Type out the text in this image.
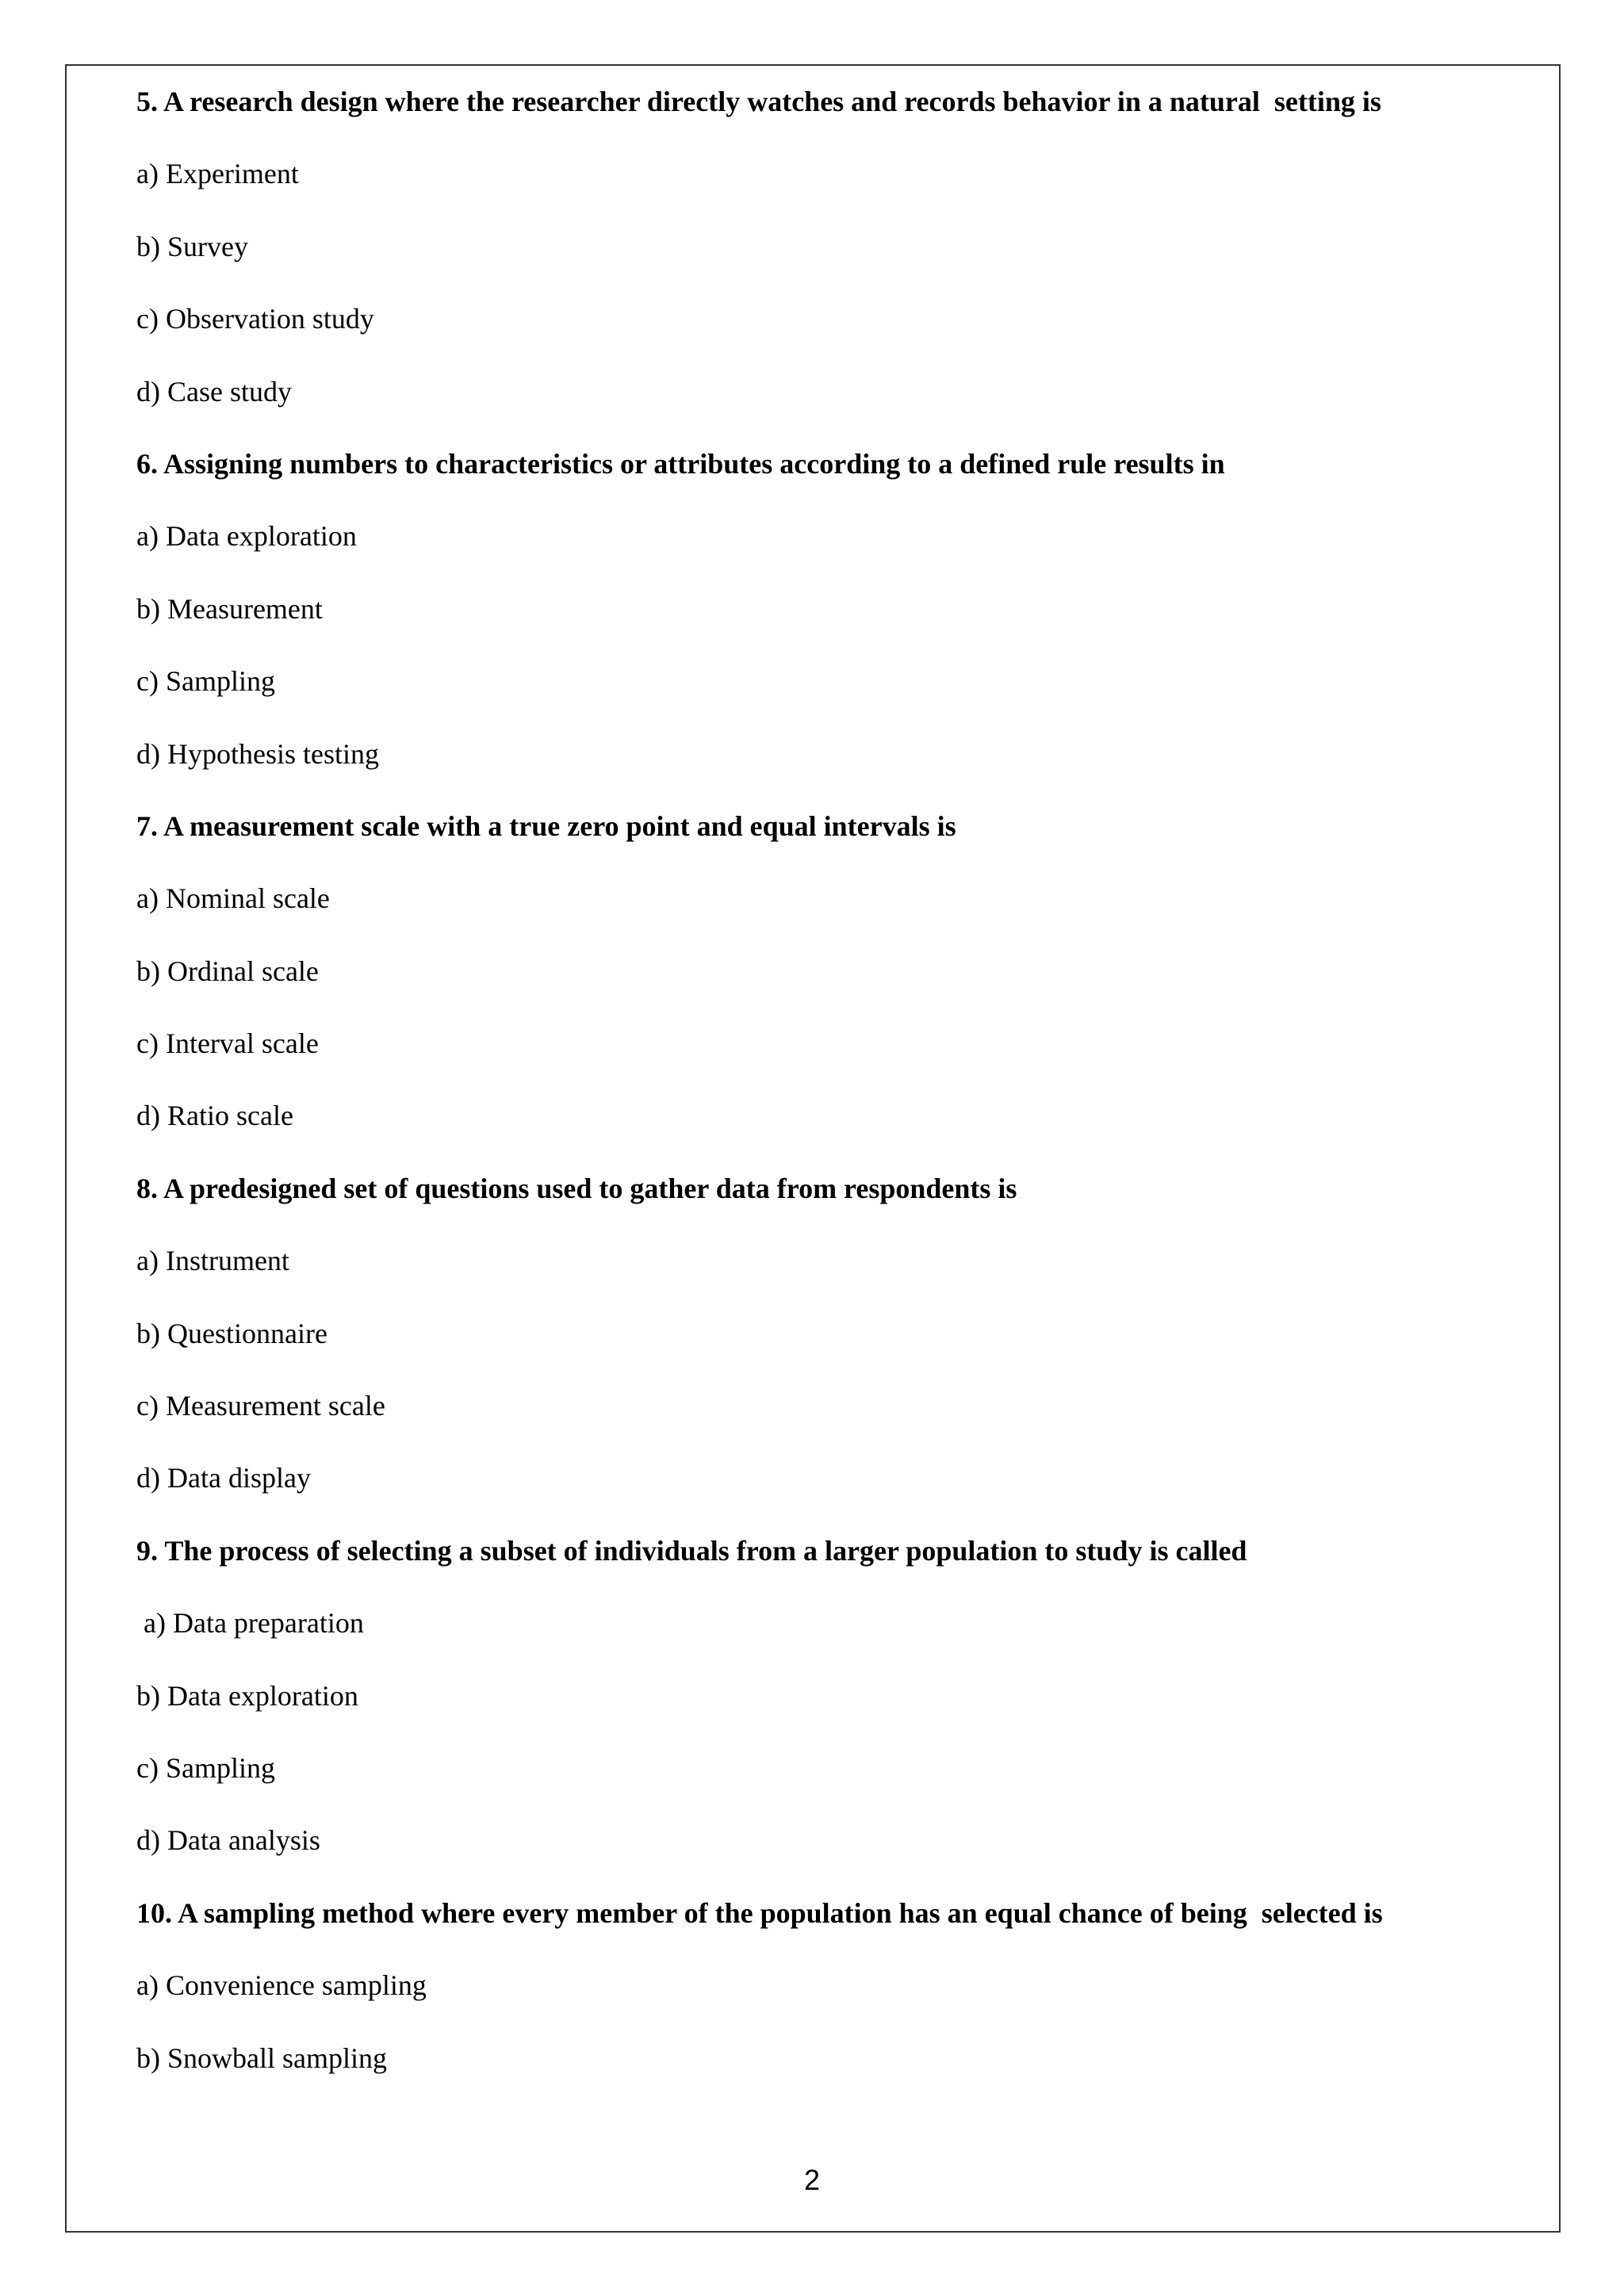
5. A research design where the researcher directly watches and records behavior in a natural  setting is
a) Experiment
b) Survey
c) Observation study
d) Case study
6. Assigning numbers to characteristics or attributes according to a defined rule results in
a) Data exploration
b) Measurement
c) Sampling
d) Hypothesis testing
7. A measurement scale with a true zero point and equal intervals is
a) Nominal scale
b) Ordinal scale
c) Interval scale
d) Ratio scale
8. A predesigned set of questions used to gather data from respondents is
a) Instrument
b) Questionnaire
c) Measurement scale
d) Data display
9. The process of selecting a subset of individuals from a larger population to study is called
a) Data preparation
b) Data exploration
c) Sampling
d) Data analysis
10. A sampling method where every member of the population has an equal chance of being  selected is
a) Convenience sampling
b) Snowball sampling
2
